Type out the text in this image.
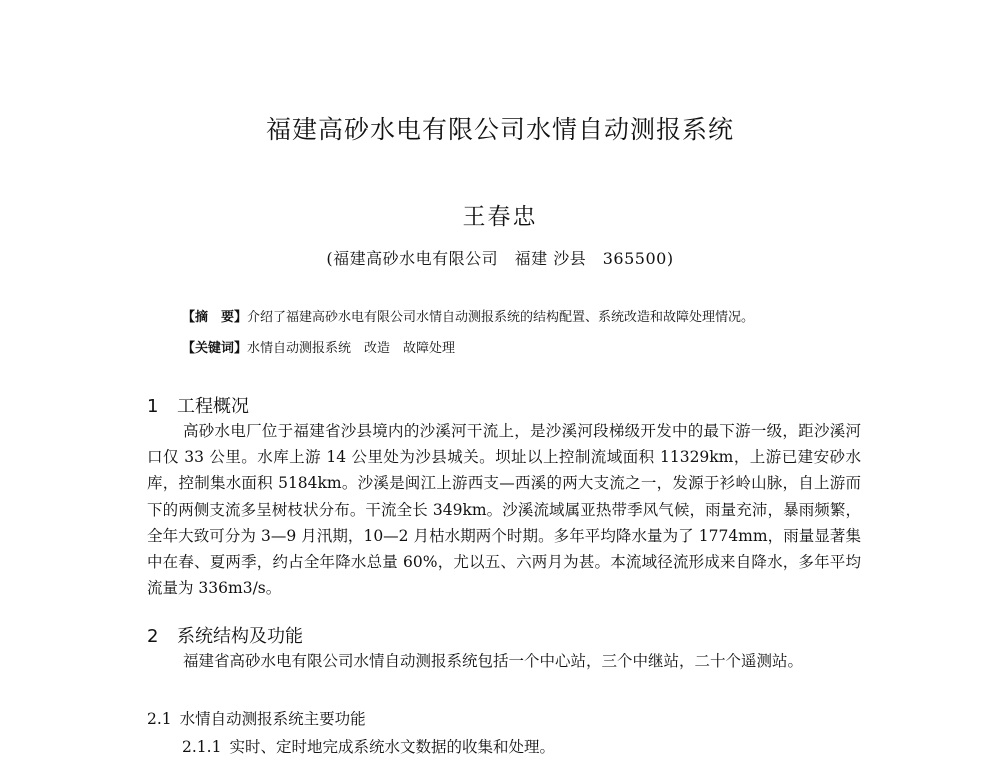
福建高砂水电有限公司水情自动测报系统
王春忠
(福建高砂水电有限公司　福建 沙县　365500)
【摘　要】介绍了福建高砂水电有限公司水情自动测报系统的结构配置、系统改造和故障处理情况。
【关键词】水情自动测报系统　改造　故障处理
1 工程概况

高砂水电厂位于福建省沙县境内的沙溪河干流上，是沙溪河段梯级开发中的最下游一级，距沙溪河口仅 33 公里。水库上游 14 公里处为沙县城关。坝址以上控制流域面积 11329km，上游已建安砂水库，控制集水面积 5184km。沙溪是闽江上游西支—西溪的两大支流之一，发源于衫岭山脉，自上游而下的两侧支流多呈树枝状分布。干流全长 349km。沙溪流域属亚热带季风气候，雨量充沛，暴雨频繁，全年大致可分为 3—9 月汛期，10—2 月枯水期两个时期。多年平均降水量为了 1774mm，雨量显著集中在春、夏两季，约占全年降水总量 60%，尤以五、六两月为甚。本流域径流形成来自降水，多年平均流量为 336m3/s。

2 系统结构及功能

福建省高砂水电有限公司水情自动测报系统包括一个中心站，三个中继站，二十个遥测站。

2.1 水情自动测报系统主要功能
2.1.1 实时、定时地完成系统水文数据的收集和处理。
